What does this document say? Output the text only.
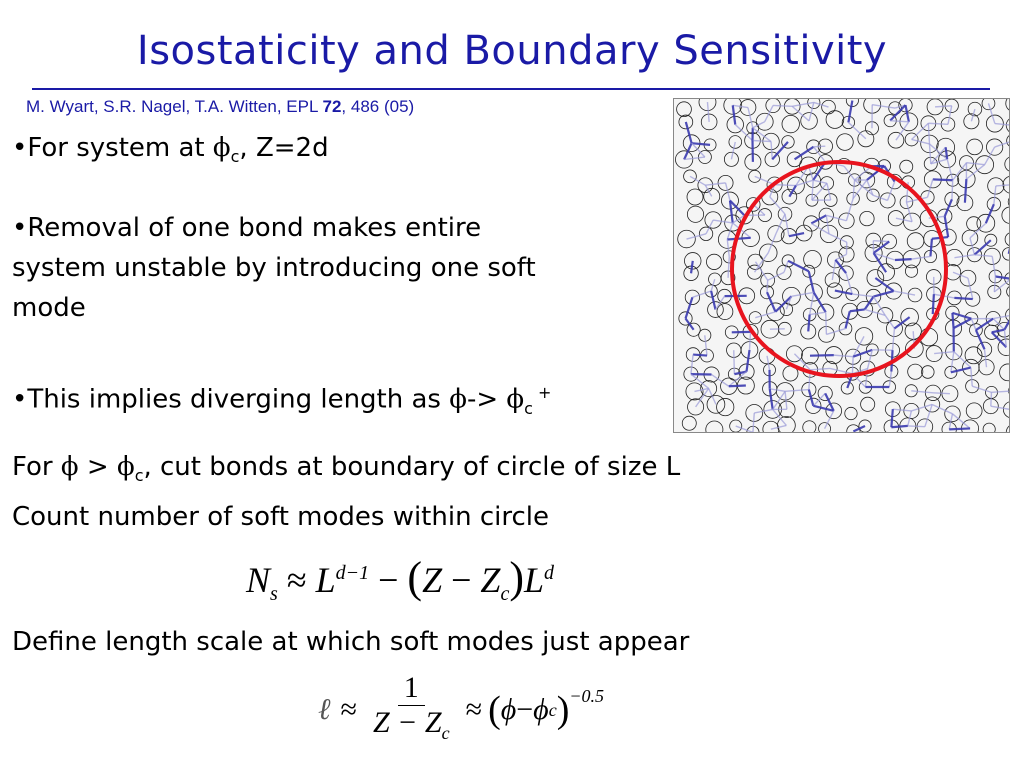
Isostaticity and Boundary Sensitivity
M. Wyart, S.R. Nagel, T.A. Witten, EPL 72, 486 (05)
•For system at $\phi_c$, Z=2d
•Removal of one bond makes entire
system unstable by introducing one soft
mode
•This implies diverging length as $\phi-> \phi_c$ +
For $\phi > \phi_c$, cut bonds at boundary of circle of size L
Count number of soft modes within circle
$N_s \approx L^{d-1} - (Z - Z_c)L^d$
Define length scale at which soft modes just appear
ℓ ≈ $\frac{1}{Z - Z_c}$ ≈ ( ϕ − ϕ c )$^{-0.5}$
